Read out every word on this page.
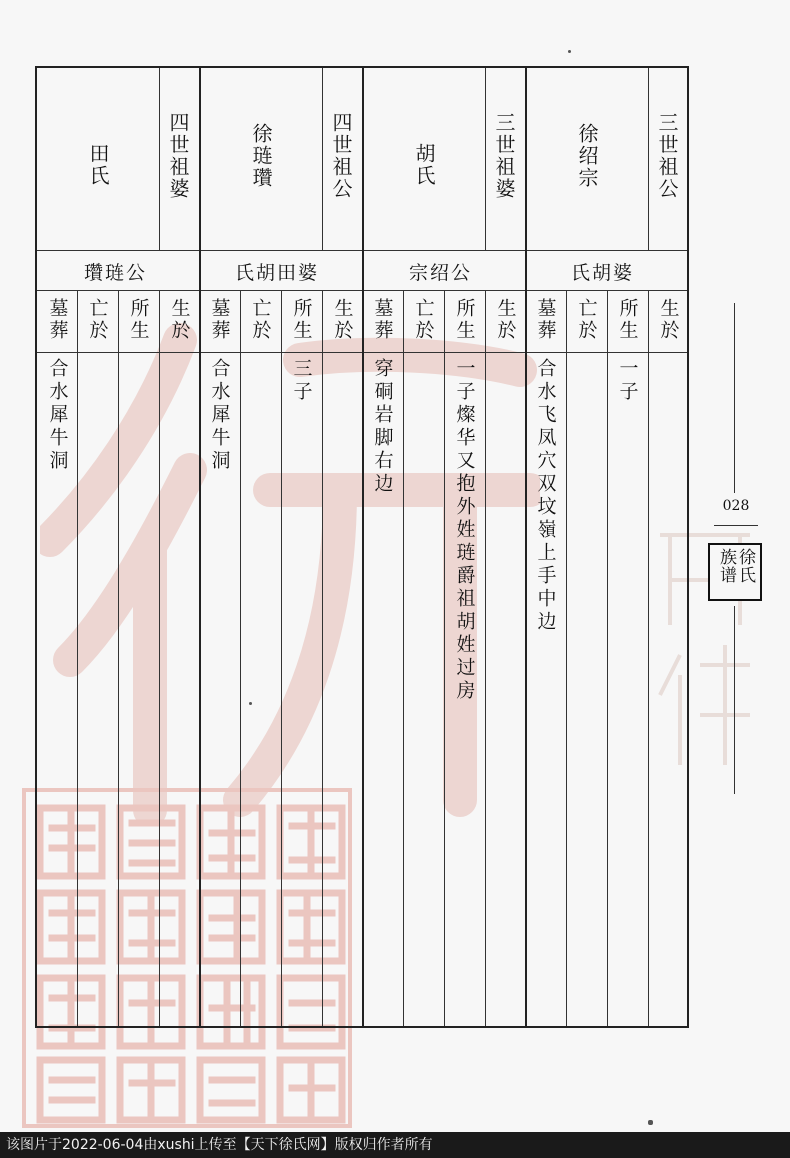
三世祖公
徐绍宗
氏胡婆
生於
所生
亡於
墓葬
一子
合水飞凤穴双坟嶺上手中边
三世祖婆
胡氏
宗绍公
生於
所生
亡於
墓葬
一子燦华又抱外姓琏爵祖胡姓过房
穿硐岩脚右边
四世祖公
徐琏瓚
氏胡田婆
生於
所生
亡於
墓葬
三子
合水犀牛洞
四世祖婆
田氏
瓚琏公
生於
所生
亡於
墓葬
合水犀牛洞
028
徐氏
族谱
该图片于2022-06-04由xushi上传至【天下徐氏网】版权归作者所有
